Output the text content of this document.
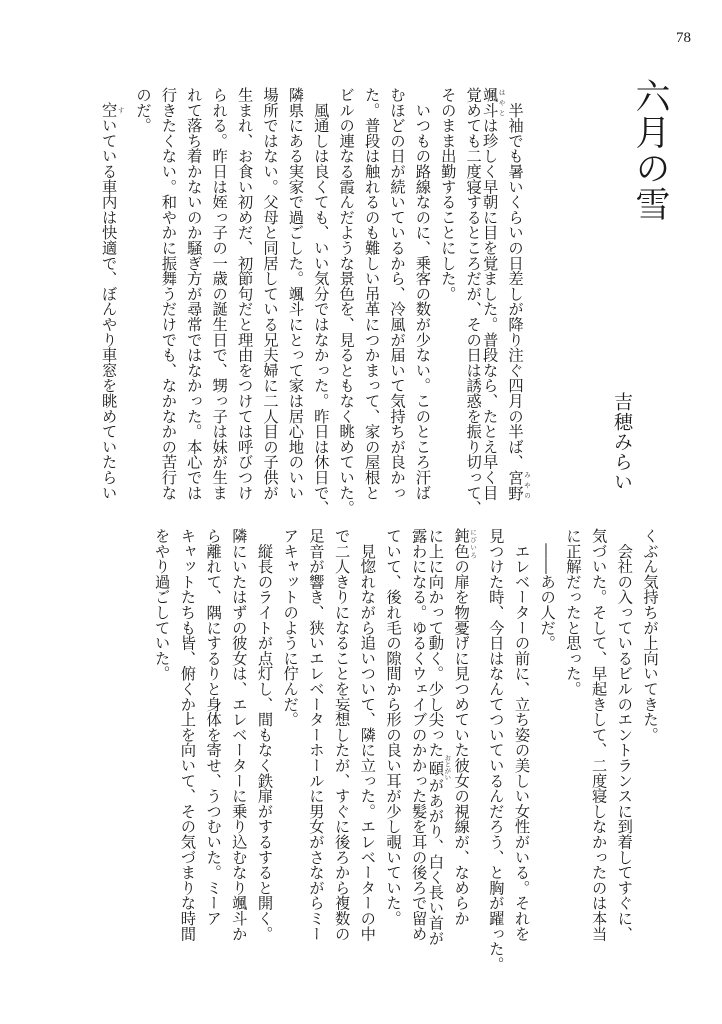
78
六月の雪
吉穂みらい
　半袖でも暑いくらいの日差しが降り注ぐ四月の半ば、宮野 みやの
颯斗 はやとは珍しく早朝に目を覚ました。普段なら、たとえ早く目
覚めても二度寝するところだが、その日は誘惑を振り切って、
そのまま出勤することにした。
　いつもの路線なのに、乗客の数が少ない。このところ汗ば
むほどの日が続いているから、冷風が届いて気持ちが良かっ
た。普段は触れるのも難しい吊革につかまって、家の屋根と
ビルの連なる霞んだような景色を、見るともなく眺めていた。
　風通しは良くても、いい気分ではなかった。昨日は休日で、
隣県にある実家で過ごした。颯斗にとって家は居心地のいい
場所ではない。父母と同居している兄夫婦に二人目の子供が
生まれ、お食い初めだ、初節句だと理由をつけては呼びつけ
られる。昨日は姪っ子の一歳の誕生日で、甥っ子は妹が生ま
れて落ち着かないのか騒ぎ方が尋常ではなかった。本心では
行きたくない。和やかに振舞うだけでも、なかなかの苦行な
のだ。
　空 すいている車内は快適で、ぼんやり車窓を眺めていたらい
くぶん気持ちが上向いてきた。
　会社の入っているビルのエントランスに到着してすぐに、
気づいた。そして、早起きして、二度寝しなかったのは本当
に正解だったと思った。
　――あの人だ。
　エレベーターの前に、立ち姿の美しい女性がいる。それを
見つけた時、今日はなんてついているんだろう、と胸が躍った。
鈍色 にびいろの扉を物憂げに見つめていた彼女の視線が、なめらか
に上に向かって動く。少し尖った頤 おとがいがあがり、白く長い首が
露わになる。ゆるくウェイブのかかった髪を耳の後ろで留め
ていて、後れ毛の隙間から形の良い耳が少し覗いていた。
　見惚れながら追いついて、隣に立った。エレベーターの中
で二人きりになることを妄想したが、すぐに後ろから複数の
足音が響き、狭いエレベーターホールに男女がさながらミー
アキャットのように佇んだ。
　縦長のライトが点灯し、間もなく鉄扉がするすると開く。
隣にいたはずの彼女は、エレベーターに乗り込むなり颯斗か
ら離れて、隅にするりと身体を寄せ、うつむいた。ミーア
キャットたちも皆、俯くか上を向いて、その気づまりな時間
をやり過ごしていた。
